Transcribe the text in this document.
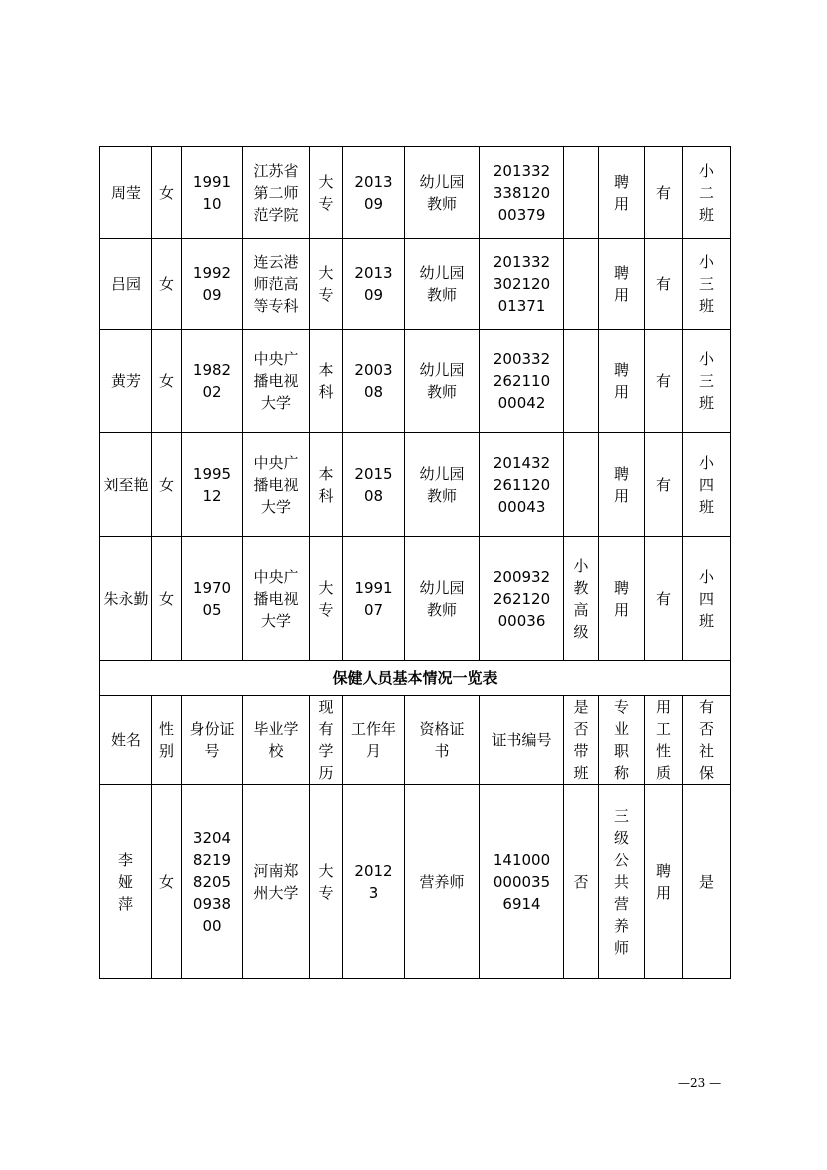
周莹	女	199110	江苏省第二师范学院	大专	201309	幼儿园教师	20133233812000379		聘用	有	小二班

吕园	女	199209	连云港师范高等专科	大专	201309	幼儿园教师	20133230212001371		聘用	有	小三班

黄芳	女	198202	中央广播电视大学	本科	200308	幼儿园教师	20033226211000042		聘用	有	小三班

刘至艳	女	199512	中央广播电视大学	本科	201508	幼儿园教师	20143226112000043		聘用	有	小四班

朱永勤	女	197005	中央广播电视大学	大专	199107	幼儿园教师	20093226212000036	小教高级	聘用	有	小四班

保健人员基本情况一览表											

姓名	性别	身份证号	毕业学校	现有学历	工作年月	资格证书	证书编号	是否带班	专业职称	用工性质	有否社保

李娅萍	女	320482198205093800	河南郑州大学	大专	20123	营养师	1410000000356914	否	三级公共营养师	聘用	是
—23 —
